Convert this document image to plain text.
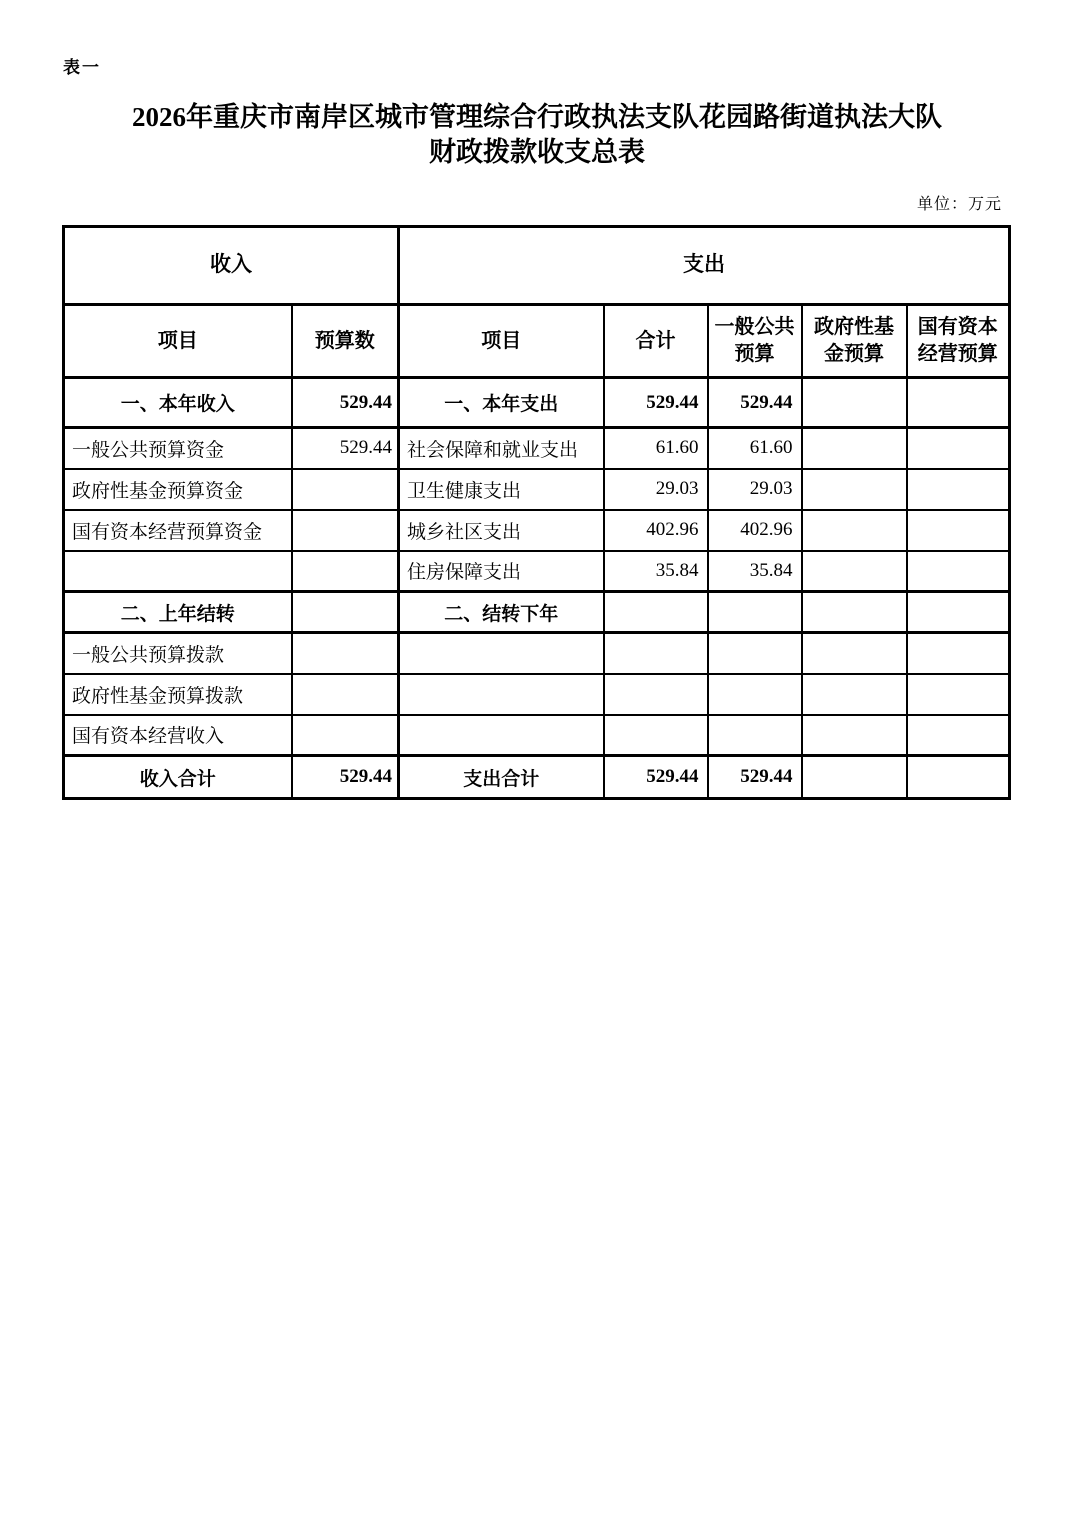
表一
2026年重庆市南岸区城市管理综合行政执法支队花园路街道执法大队
财政拨款收支总表
单位：万元
收入		支出				
项目	预算数	项目	合计	一般公共预算	政府性基金预算	国有资本经营预算
一、本年收入	529.44	一、本年支出	529.44	529.44		
一般公共预算资金	529.44	社会保障和就业支出	61.60	61.60		
政府性基金预算资金		卫生健康支出	29.03	29.03		
国有资本经营预算资金		城乡社区支出	402.96	402.96		
		住房保障支出	35.84	35.84		
二、上年结转		二、结转下年				
一般公共预算拨款						
政府性基金预算拨款						
国有资本经营收入						
收入合计	529.44	支出合计	529.44	529.44		
